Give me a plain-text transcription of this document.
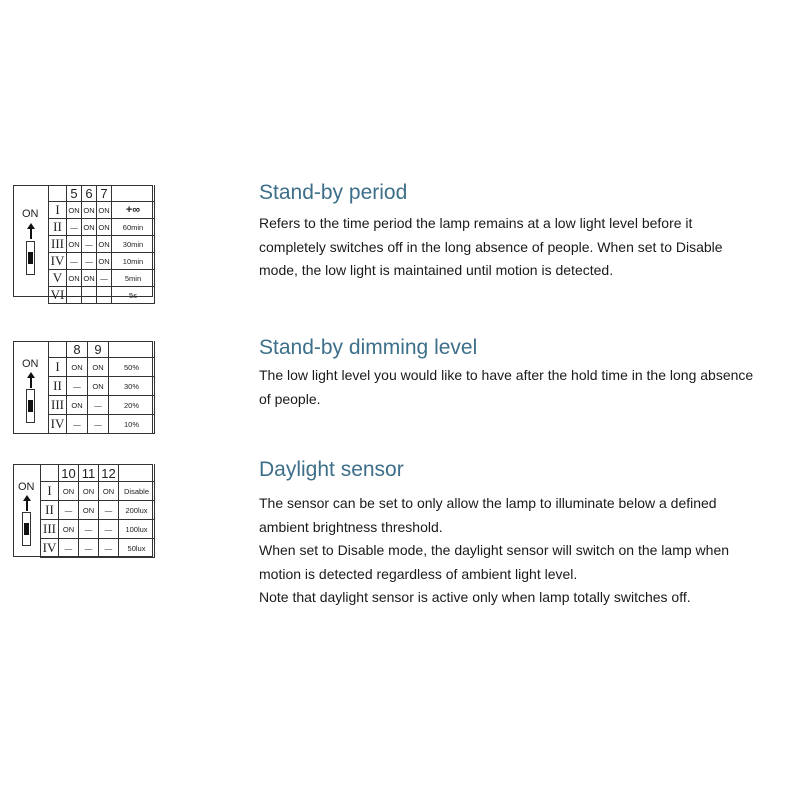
ON
	5	6	7	
I	ON	ON	ON	+∞
II	—	ON	ON	60min
III	ON	—	ON	30min
IV	—	—	ON	10min
V	ON	ON	—	5min
VI	—	—	—	5s
Stand-by period

Refers to the time period the lamp remains at a low light level before it
completely switches off in the long absence of people. When set to Disable
mode, the low light is maintained until motion is detected.

ON
	8	9	
I	ON	ON	50%
II	—	ON	30%
III	ON	—	20%
IV	—	—	10%
Stand-by dimming level

The low light level you would like to have after the hold time in the long absence
of people.

ON
	10	11	12	
I	ON	ON	ON	Disable
II	—	ON	—	200lux
III	ON	—	—	100lux
IV	—	—	—	50lux
Daylight sensor

The sensor can be set to only allow the lamp to illuminate below a defined
ambient brightness threshold.
When set to Disable mode, the daylight sensor will switch on the lamp when
motion is detected regardless of ambient light level.
Note that daylight sensor is active only when lamp totally switches off.
